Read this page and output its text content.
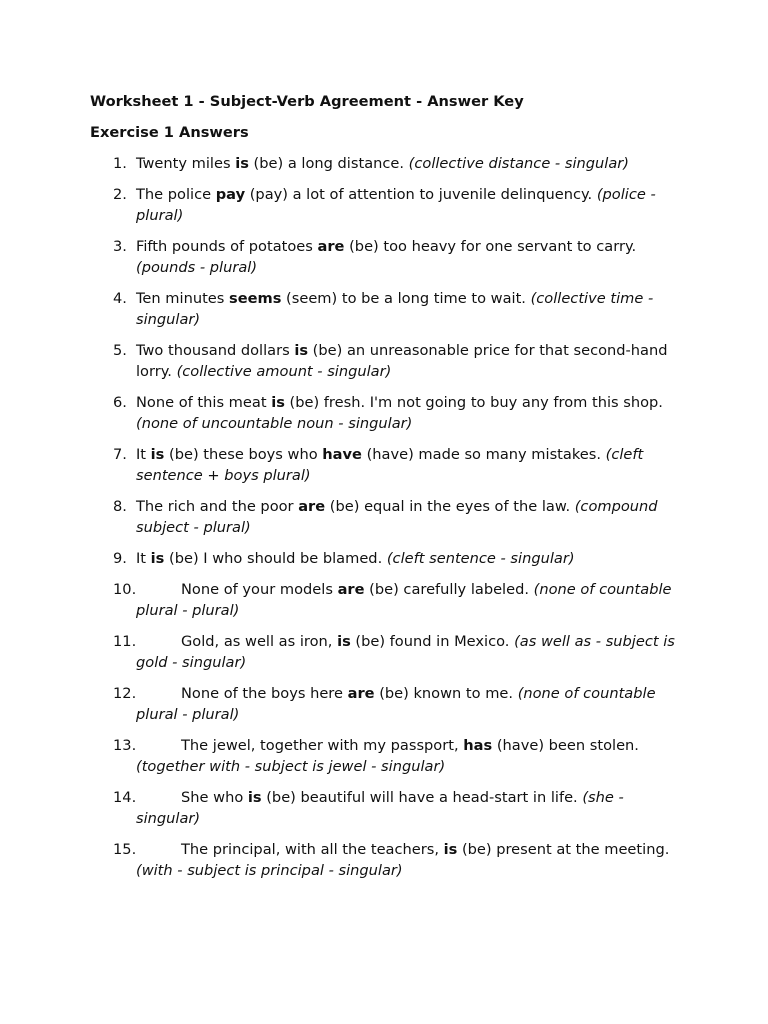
Worksheet 1 - Subject-Verb Agreement - Answer Key
Exercise 1 Answers
1. Twenty miles is (be) a long distance. (collective distance - singular)
2. The police pay (pay) a lot of attention to juvenile delinquency. (police - plural)
3. Fifth pounds of potatoes are (be) too heavy for one servant to carry. (pounds - plural)
4. Ten minutes seems (seem) to be a long time to wait. (collective time - singular)
5. Two thousand dollars is (be) an unreasonable price for that second-hand lorry. (collective amount - singular)
6. None of this meat is (be) fresh. I'm not going to buy any from this shop. (none of uncountable noun - singular)
7. It is (be) these boys who have (have) made so many mistakes. (cleft sentence + boys plural)
8. The rich and the poor are (be) equal in the eyes of the law. (compound subject - plural)
9. It is (be) I who should be blamed. (cleft sentence - singular)
10.	None of your models are (be) carefully labeled. (none of countable plural - plural)
11.	Gold, as well as iron, is (be) found in Mexico. (as well as - subject is gold - singular)
12.	None of the boys here are (be) known to me. (none of countable plural - plural)
13.	The jewel, together with my passport, has (have) been stolen. (together with - subject is jewel - singular)
14.	She who is (be) beautiful will have a head-start in life. (she - singular)
15.	The principal, with all the teachers, is (be) present at the meeting. (with - subject is principal - singular)
